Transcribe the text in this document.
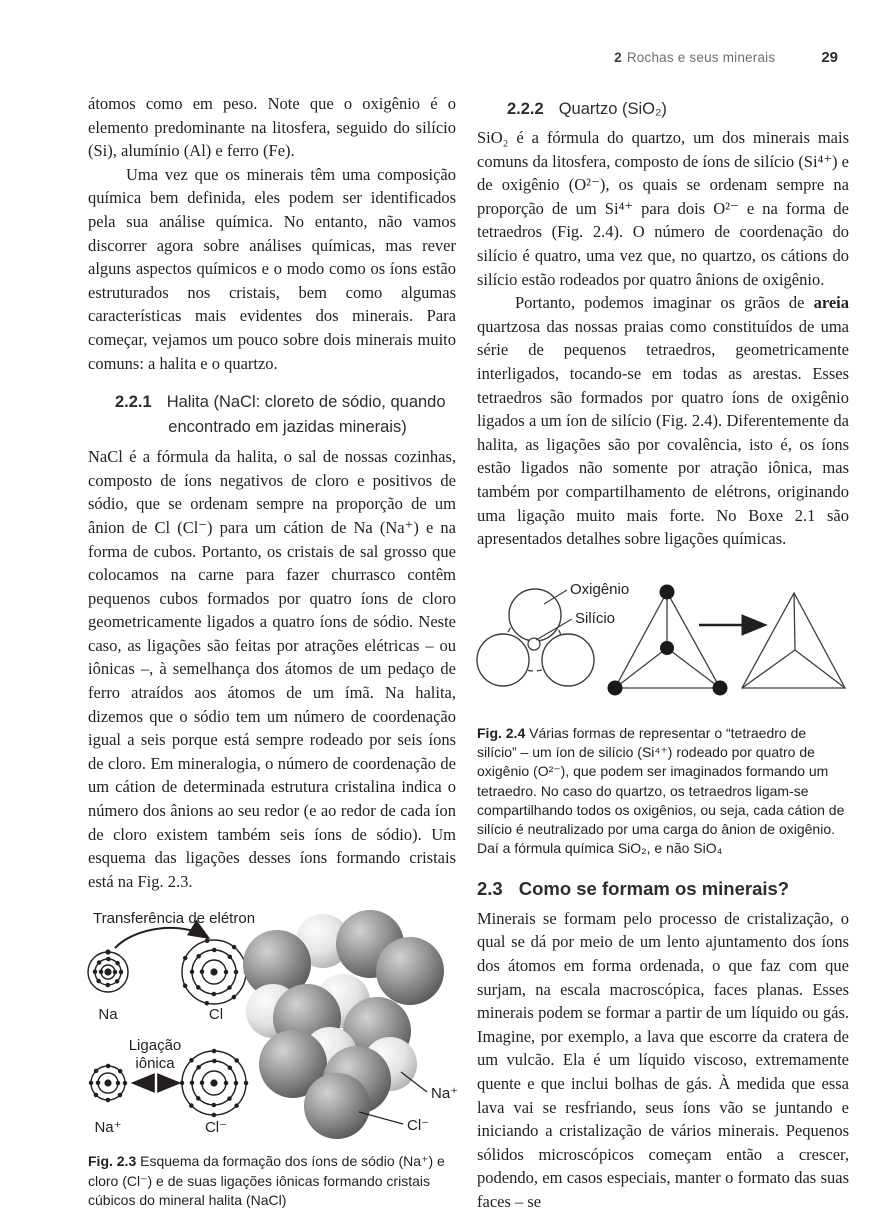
2 Rochas e seus minerais	29

átomos como em peso. Note que o oxigênio é o elemento predominante na litosfera, seguido do silício (Si), alumínio (Al) e ferro (Fe).

Uma vez que os minerais têm uma composição química bem definida, eles podem ser identificados pela sua análise química. No entanto, não vamos discorrer agora sobre análises químicas, mas rever alguns aspectos químicos e o modo como os íons estão estruturados nos cristais, bem como algumas características mais evidentes dos minerais. Para começar, vejamos um pouco sobre dois minerais muito comuns: a halita e o quartzo.

2.2.1 Halita (NaCl: cloreto de sódio, quando
encontrado em jazidas minerais)

NaCl é a fórmula da halita, o sal de nossas cozinhas, composto de íons negativos de cloro e positivos de sódio, que se ordenam sempre na proporção de um ânion de Cl (Cl⁻) para um cátion de Na (Na⁺) e na forma de cubos. Portanto, os cristais de sal grosso que colocamos na carne para fazer churrasco contêm pequenos cubos formados por quatro íons de cloro geometricamente ligados a quatro íons de sódio. Neste caso, as ligações são feitas por atrações elétricas – ou iônicas –, à semelhança dos átomos de um pedaço de ferro atraídos aos átomos de um ímã. Na halita, dizemos que o sódio tem um número de coordenação igual a seis porque está sempre rodeado por seis íons de cloro. Em mineralogia, o número de coordenação de um cátion de determinada estrutura cristalina indica o número dos ânions ao seu redor (e ao redor de cada íon de cloro existem também seis íons de sódio). Um esquema das ligações desses íons formando cristais está na Fig. 2.3.

Transferência de elétron
Na	Cl
Ligação
iônica
Na⁺	Cl⁻
Na⁺
Cl⁻

Fig. 2.3 Esquema da formação dos íons de sódio (Na⁺) e cloro (Cl⁻) e de suas ligações iônicas formando cristais cúbicos do mineral halita (NaCl)

2.2.2 Quartzo (SiO₂)

SiO₂ é a fórmula do quartzo, um dos minerais mais comuns da litosfera, composto de íons de silício (Si⁴⁺) e de oxigênio (O²⁻), os quais se ordenam sempre na proporção de um Si⁴⁺ para dois O²⁻ e na forma de tetraedros (Fig. 2.4). O número de coordenação do silício é quatro, uma vez que, no quartzo, os cátions do silício estão rodeados por quatro ânions de oxigênio.

Portanto, podemos imaginar os grãos de areia quartzosa das nossas praias como constituídos de uma série de pequenos tetraedros, geometricamente interligados, tocando-se em todas as arestas. Esses tetraedros são formados por quatro íons de oxigênio ligados a um íon de silício (Fig. 2.4). Diferentemente da halita, as ligações são por covalência, isto é, os íons estão ligados não somente por atração iônica, mas também por compartilhamento de elétrons, originando uma ligação muito mais forte. No Boxe 2.1 são apresentados detalhes sobre ligações químicas.

Oxigênio
Silício

Fig. 2.4 Várias formas de representar o “tetraedro de silício” – um íon de silício (Si⁴⁺) rodeado por quatro de oxigênio (O²⁻), que podem ser imaginados formando um tetraedro. No caso do quartzo, os tetraedros ligam-se compartilhando todos os oxigênios, ou seja, cada cátion de silício é neutralizado por uma carga do ânion de oxigênio. Daí a fórmula química SiO₂, e não SiO₄

2.3 Como se formam os minerais?

Minerais se formam pelo processo de cristalização, o qual se dá por meio de um lento ajuntamento dos íons dos átomos em forma ordenada, o que faz com que surjam, na escala macroscópica, faces planas. Esses minerais podem se formar a partir de um líquido ou gás. Imagine, por exemplo, a lava que escorre da cratera de um vulcão. Ela é um líquido viscoso, extremamente quente e que inclui bolhas de gás. À medida que essa lava vai se resfriando, seus íons vão se juntando e iniciando a cristalização de vários minerais. Pequenos sólidos microscópicos começam então a crescer, podendo, em casos especiais, manter o formato das suas faces – se
